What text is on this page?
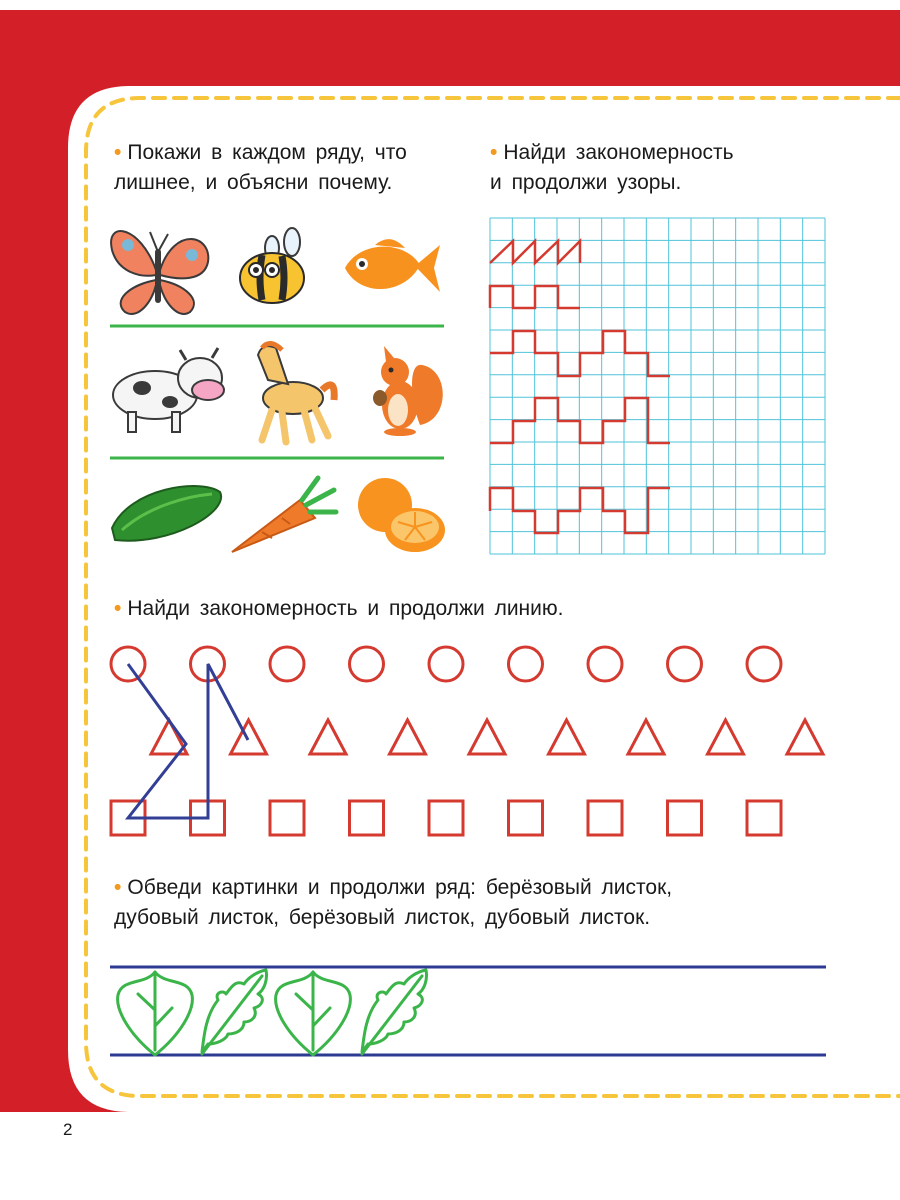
• Покажи в каждом ряду, что
лишнее, и объясни почему.
• Найди закономерность
и продолжи узоры.
• Найди закономерность и продолжи линию.
• Обведи картинки и продолжи ряд: берёзовый листок,
дубовый листок, берёзовый листок, дубовый листок.
2
